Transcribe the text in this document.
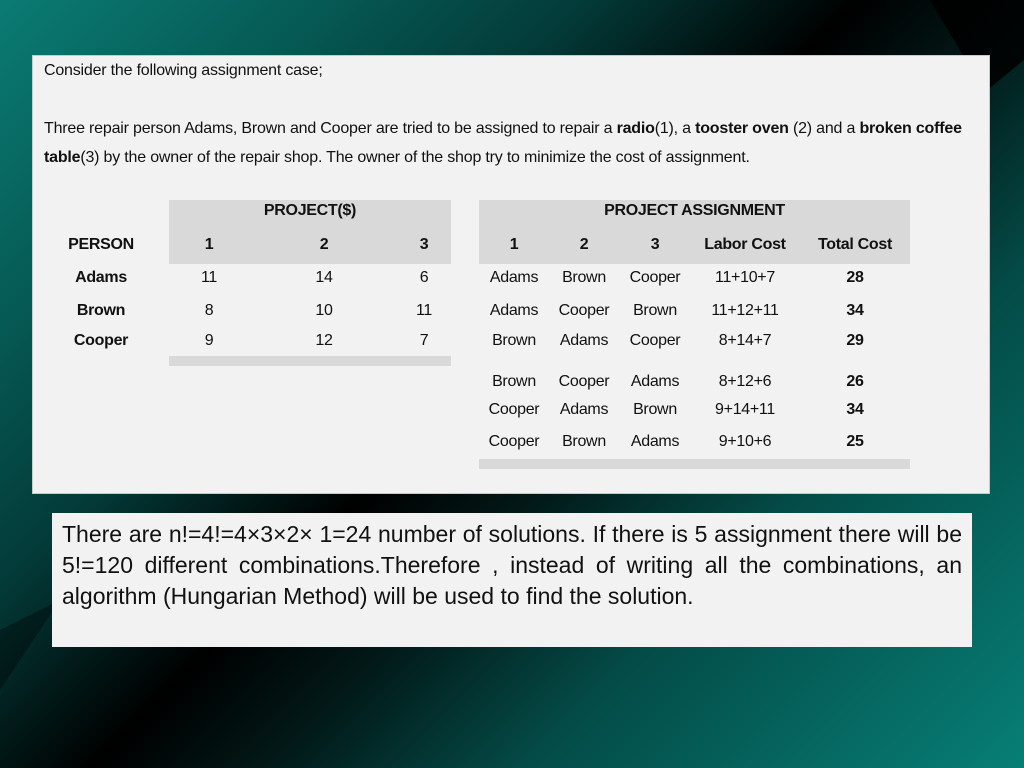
Consider the following assignment case;
Three repair person Adams, Brown and Cooper are tried to be assigned to repair a radio(1), a tooster oven (2) and a broken coffee
table(3) by the owner of the repair shop. The owner of the shop try to minimize the cost of assignment.
PROJECT($)
PERSON	1	2	3
Adams	11	14	6
Brown	8	10	11
Cooper	9	12	7
PROJECT ASSIGNMENT
1	2	3	Labor Cost	Total Cost
Adams	Brown	Cooper	11+10+7	28
Adams	Cooper	Brown	11+12+11	34
Brown	Adams	Cooper	8+14+7	29
Brown	Cooper	Adams	8+12+6	26
Cooper	Adams	Brown	9+14+11	34
Cooper	Brown	Adams	9+10+6	25

There are n!=4!=4×3×2× 1=24 number of solutions. If there is 5 assignment there will be 5!=120 different combinations.Therefore , instead of writing all the combinations, an algorithm (Hungarian Method) will be used to find the solution.
